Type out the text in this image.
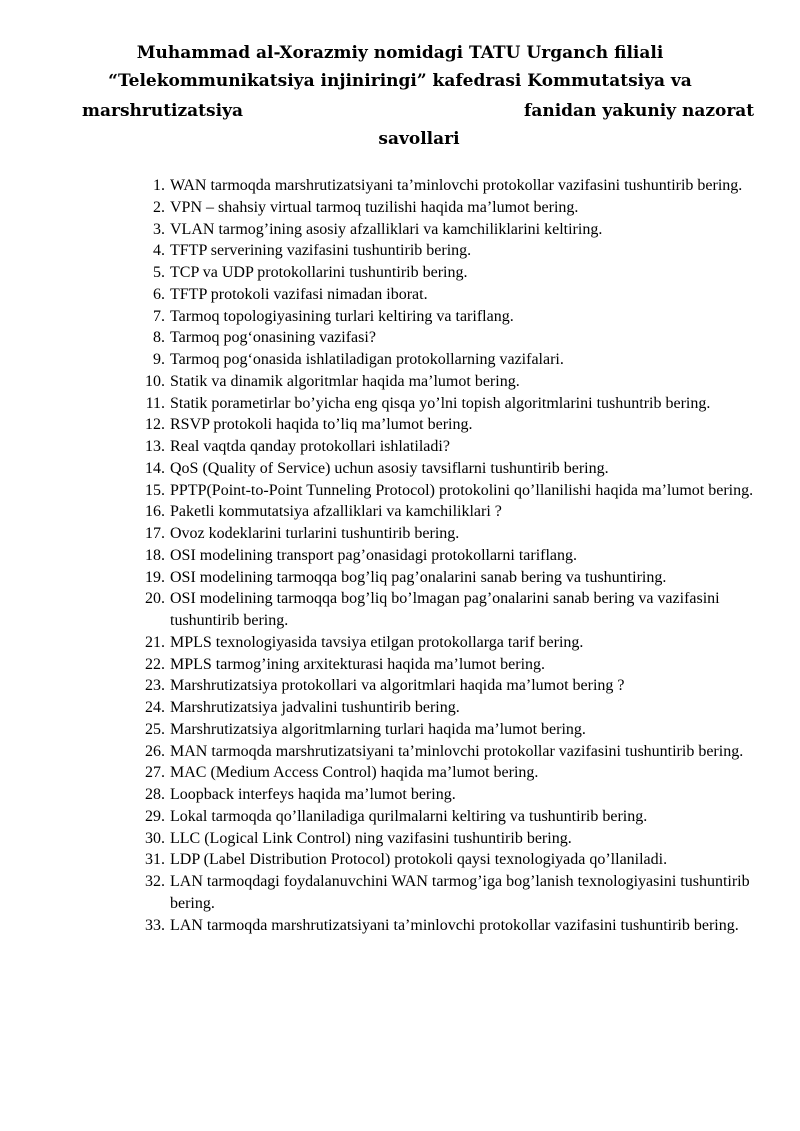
Muhammad al-Xorazmiy nomidagi TATU Urganch filiali
“Telekommunikatsiya injiniringi” kafedrasi Kommutatsiya va
marshrutizatsiya	fanidan yakuniy nazorat
savollari
1. WAN tarmoqda marshrutizatsiyani ta’minlovchi protokollar vazifasini tushuntirib bering.
2. VPN – shahsiy virtual tarmoq tuzilishi haqida ma’lumot bering.
3. VLAN tarmog’ining asosiy afzalliklari va kamchiliklarini keltiring.
4. TFTP serverining vazifasini tushuntirib bering.
5. TCP va UDP protokollarini tushuntirib bering.
6. TFTP protokoli vazifasi nimadan iborat.
7. Tarmoq topologiyasining turlari keltiring va tariflang.
8. Tarmoq pog‘onasining vazifasi?
9. Tarmoq pog‘onasida ishlatiladigan protokollarning vazifalari.
10. Statik va dinamik algoritmlar haqida ma’lumot bering.
11. Statik porametirlar bo’yicha eng qisqa yo’lni topish algoritmlarini tushuntrib bering.
12. RSVP protokoli haqida to’liq ma’lumot bering.
13. Real vaqtda qanday protokollari ishlatiladi?
14. QoS (Quality of Service) uchun asosiy tavsiflarni tushuntirib bering.
15. PPTP(Point-to-Point Tunneling Protocol) protokolini qo’llanilishi haqida ma’lumot bering.
16. Paketli kommutatsiya afzalliklari va kamchiliklari ?
17. Ovoz kodeklarini turlarini tushuntirib bering.
18. OSI modelining transport pag’onasidagi protokollarni tariflang.
19. OSI modelining tarmoqqa bog’liq pag’onalarini sanab bering va tushuntiring.
20. OSI modelining tarmoqqa bog’liq bo’lmagan pag’onalarini sanab bering va vazifasini tushuntirib bering.
21. MPLS texnologiyasida tavsiya etilgan protokollarga tarif bering.
22. MPLS tarmog’ining arxitekturasi haqida ma’lumot bering.
23. Marshrutizatsiya protokollari va algoritmlari haqida ma’lumot bering ?
24. Marshrutizatsiya jadvalini tushuntirib bering.
25. Marshrutizatsiya algoritmlarning turlari haqida ma’lumot bering.
26. MAN tarmoqda marshrutizatsiyani ta’minlovchi protokollar vazifasini tushuntirib bering.
27. MAC (Medium Access Control) haqida ma’lumot bering.
28. Loopback interfeys haqida ma’lumot bering.
29. Lokal tarmoqda qo’llaniladiga qurilmalarni keltiring va tushuntirib bering.
30. LLC (Logical Link Control) ning vazifasini tushuntirib bering.
31. LDP (Label Distribution Protocol) protokoli qaysi texnologiyada qo’llaniladi.
32. LAN tarmoqdagi foydalanuvchini WAN tarmog’iga bog’lanish texnologiyasini tushuntirib bering.
33. LAN tarmoqda marshrutizatsiyani ta’minlovchi protokollar vazifasini tushuntirib bering.
